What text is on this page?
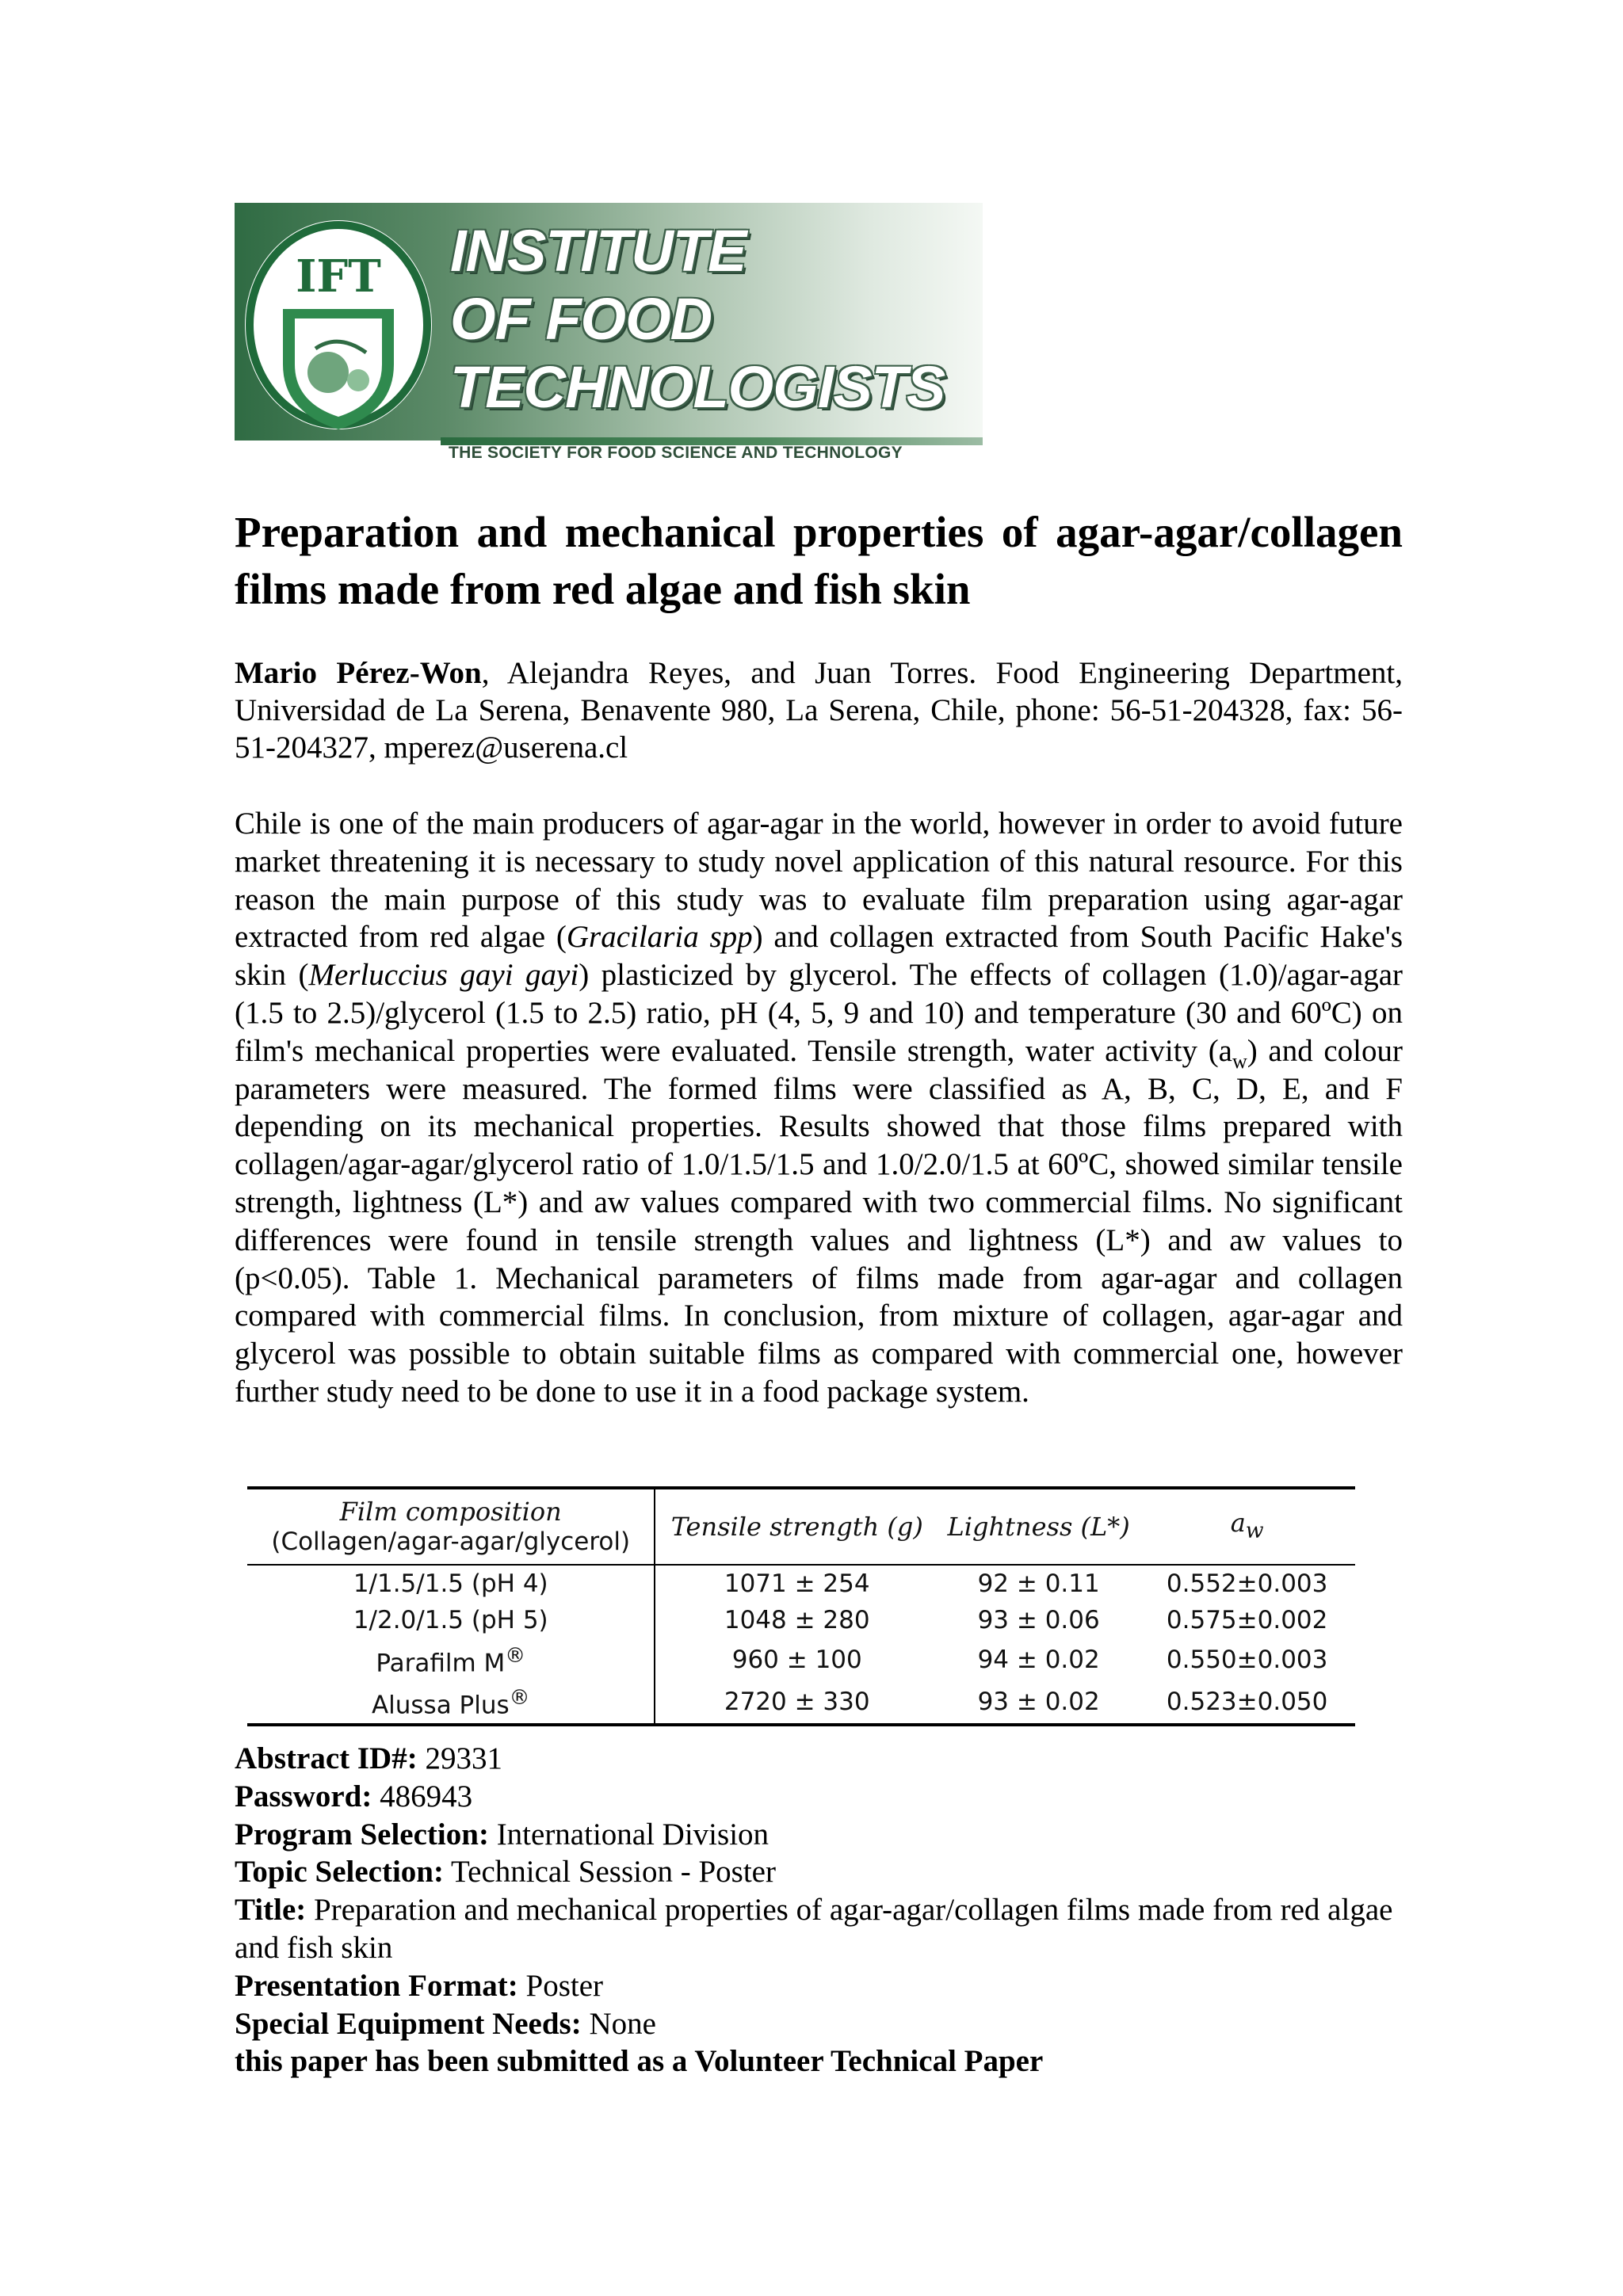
IFT INSTITUTE
OF FOOD
TECHNOLOGISTS
THE SOCIETY FOR FOOD SCIENCE AND TECHNOLOGY
Preparation and mechanical properties of agar-agar/collagen films made from red algae and fish skin

Mario Pérez-Won, Alejandra Reyes, and Juan Torres. Food Engineering Department, Universidad de La Serena, Benavente 980, La Serena, Chile, phone: 56-51-204328, fax: 56-51-204327, mperez@userena.cl

Chile is one of the main producers of agar-agar in the world, however in order to avoid future market threatening it is necessary to study novel application of this natural resource. For this reason the main purpose of this study was to evaluate film preparation using agar-agar extracted from red algae (Gracilaria spp) and collagen extracted from South Pacific Hake's skin (Merluccius gayi gayi) plasticized by glycerol. The effects of collagen (1.0)/agar-agar (1.5 to 2.5)/glycerol (1.5 to 2.5) ratio, pH (4, 5, 9 and 10) and temperature (30 and 60ºC) on film's mechanical properties were evaluated. Tensile strength, water activity $(a_w)$ and colour parameters were measured. The formed films were classified as A, B, C, D, E, and F depending on its mechanical properties. Results showed that those films prepared with collagen/agar-agar/glycerol ratio of 1.0/1.5/1.5 and 1.0/2.0/1.5 at 60ºC, showed similar tensile strength, lightness (L*) and aw values compared with two commercial films. No significant differences were found in tensile strength values and lightness (L*) and aw values to (p<0.05). Table 1. Mechanical parameters of films made from agar-agar and collagen compared with commercial films. In conclusion, from mixture of collagen, agar-agar and glycerol was possible to obtain suitable films as compared with commercial one, however further study need to be done to use it in a food package system.

Film composition
(Collagen/agar-agar/glycerol)	Tensile strength (g)	Lightness (L*)	$a_w$
1/1.5/1.5 (pH 4)	1071 ± 254	92 ± 0.11	0.552±0.003
1/2.0/1.5 (pH 5)	1048 ± 280	93 ± 0.06	0.575±0.002
Parafilm M®	960 ± 100	94 ± 0.02	0.550±0.003
Alussa Plus®	2720 ± 330	93 ± 0.02	0.523±0.050

Abstract ID#: 29331

Password: 486943

Program Selection: International Division

Topic Selection: Technical Session - Poster

Title: Preparation and mechanical properties of agar-agar/collagen films made from red algae and fish skin

Presentation Format: Poster

Special Equipment Needs: None

this paper has been submitted as a Volunteer Technical Paper
